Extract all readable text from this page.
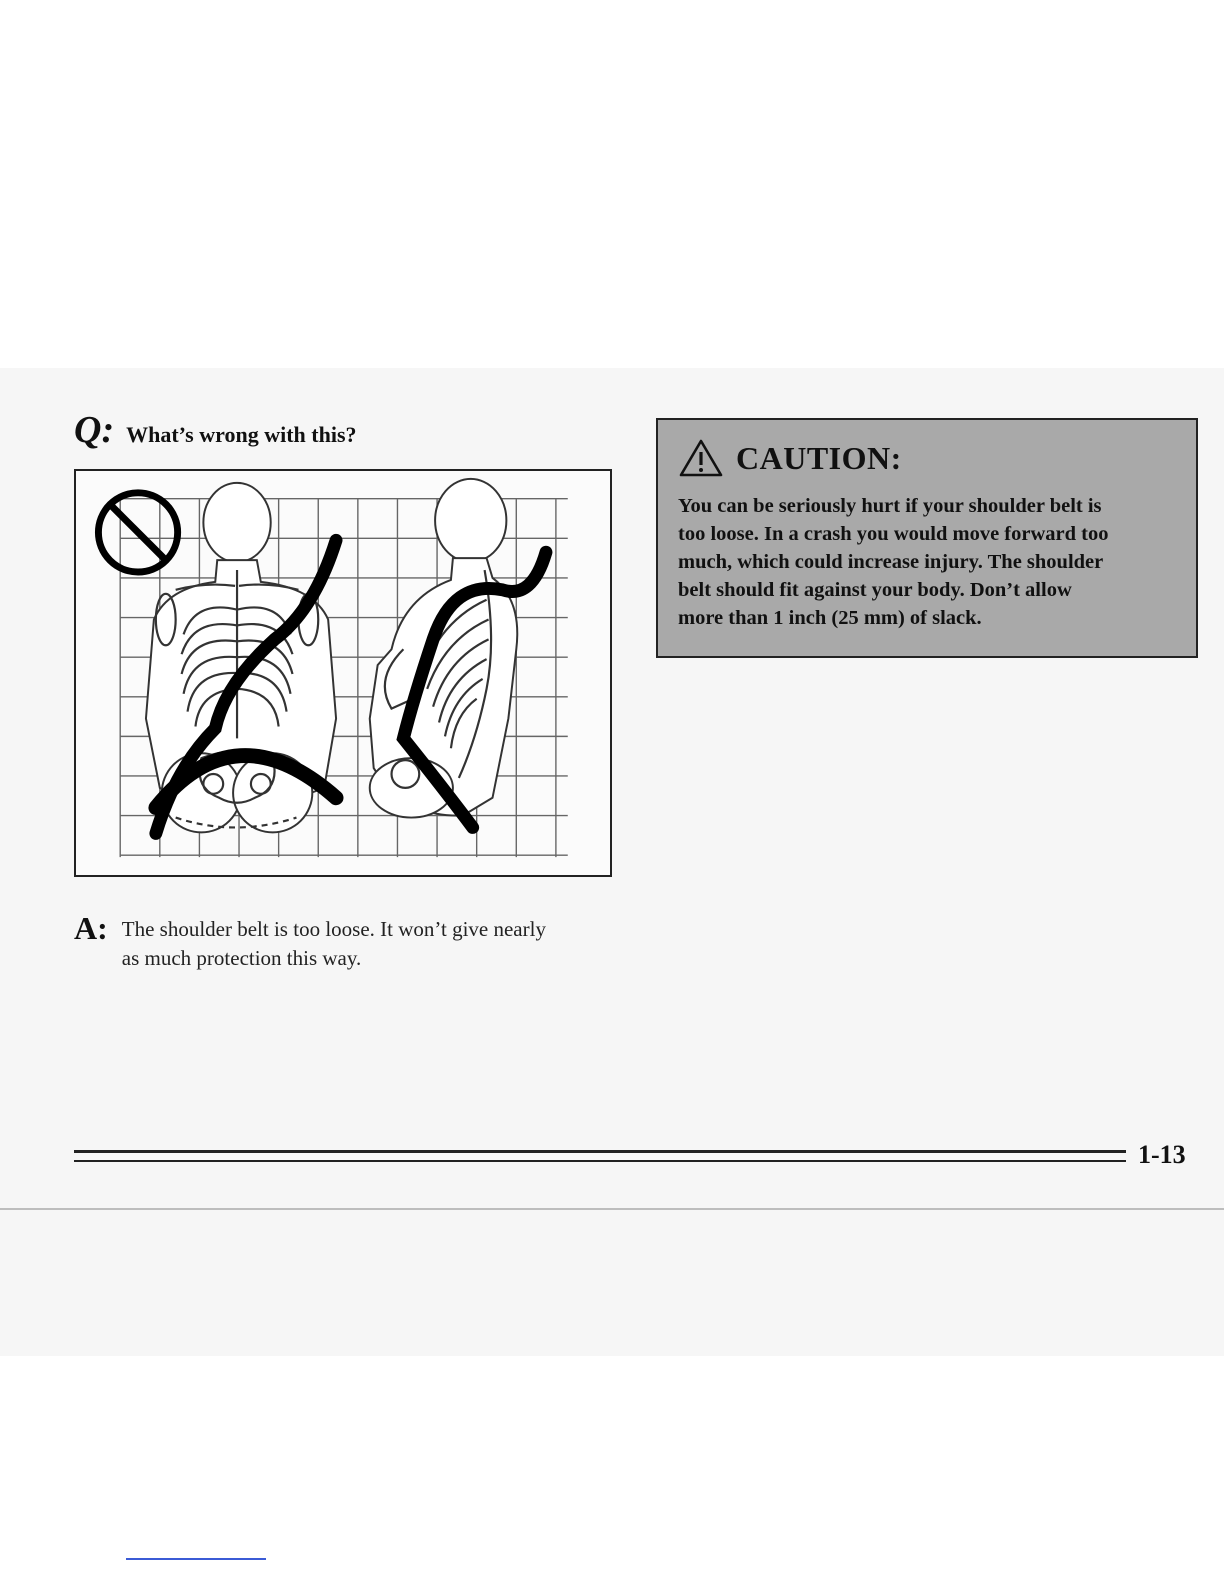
Q: What’s wrong with this?
A: The shoulder belt is too loose. It won’t give nearly
as much protection this way.
CAUTION:
You can be seriously hurt if your shoulder belt is
too loose. In a crash you would move forward too
much, which could increase injury. The shoulder
belt should fit against your body. Don’t allow
more than 1 inch (25 mm) of slack.
1-13
